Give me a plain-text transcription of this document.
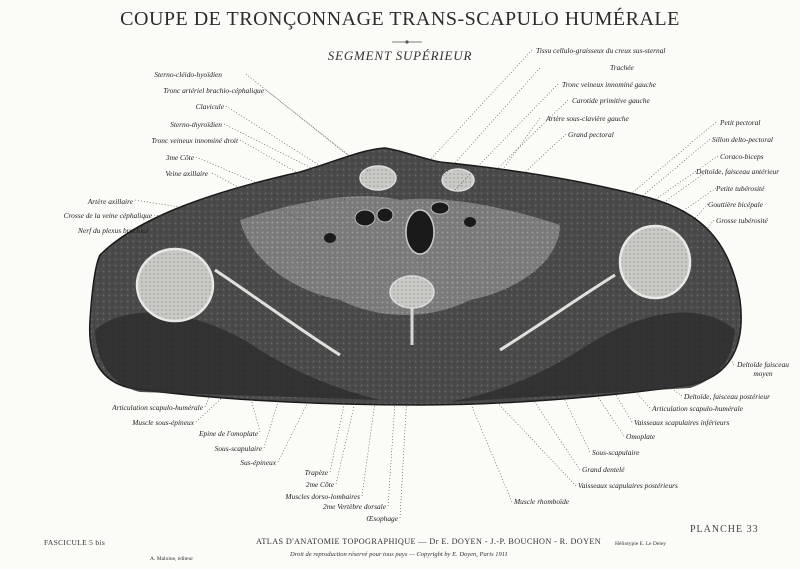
COUPE DE TRONÇONNAGE TRANS-SCAPULO HUMÉRALE
SEGMENT SUPÉRIEUR
Sterno-cléido-hyoïdien
Tronc artériel brachio-céphalique
Clavicule
Sterno-thyroïdien
Tronc veineux innominé droit
3me Côte
Veine axillaire
Artère axillaire
Crosse de la veine céphalique
Nerf du plexus brachial
Tissu cellulo-graisseux du creux sus-sternal
Trachée
Tronc veineux innominé gauche
Carotide primitive gauche
Artère sous-clavière gauche
Grand pectoral
Petit pectoral
Sillon delto-pectoral
Coraco-biceps
Deltoïde, faisceau antérieur
Petite tubérosité
Gouttière bicépale
Grosse tubérosité
Deltoïde faisceau moyen
Deltoïde, faisceau postérieur
Articulation scapulo-humérale
Vaisseaux scapulaires inférieurs
Omoplate
Sous-scapulaire
Grand dentelé
Vaisseaux scapulaires postérieurs
Muscle rhomboïde
Articulation scapulo-humérale
Muscle sous-épineux
Epine de l'omoplate
Sous-scapulaire
Sus-épineux
Trapèze
2me Côte
Muscles dorso-lombaires
2me Vertèbre dorsale
Œsophage
FASCICULE 5 bis
A. Maloine, éditeur
ATLAS D'ANATOMIE TOPOGRAPHIQUE — Dr E. DOYEN - J.-P. BOUCHON - R. DOYEN
Droit de reproduction réservé pour tous pays — Copyright by E. Doyen, Paris 1911
Héliotypie E. Le Deley
PLANCHE 33
